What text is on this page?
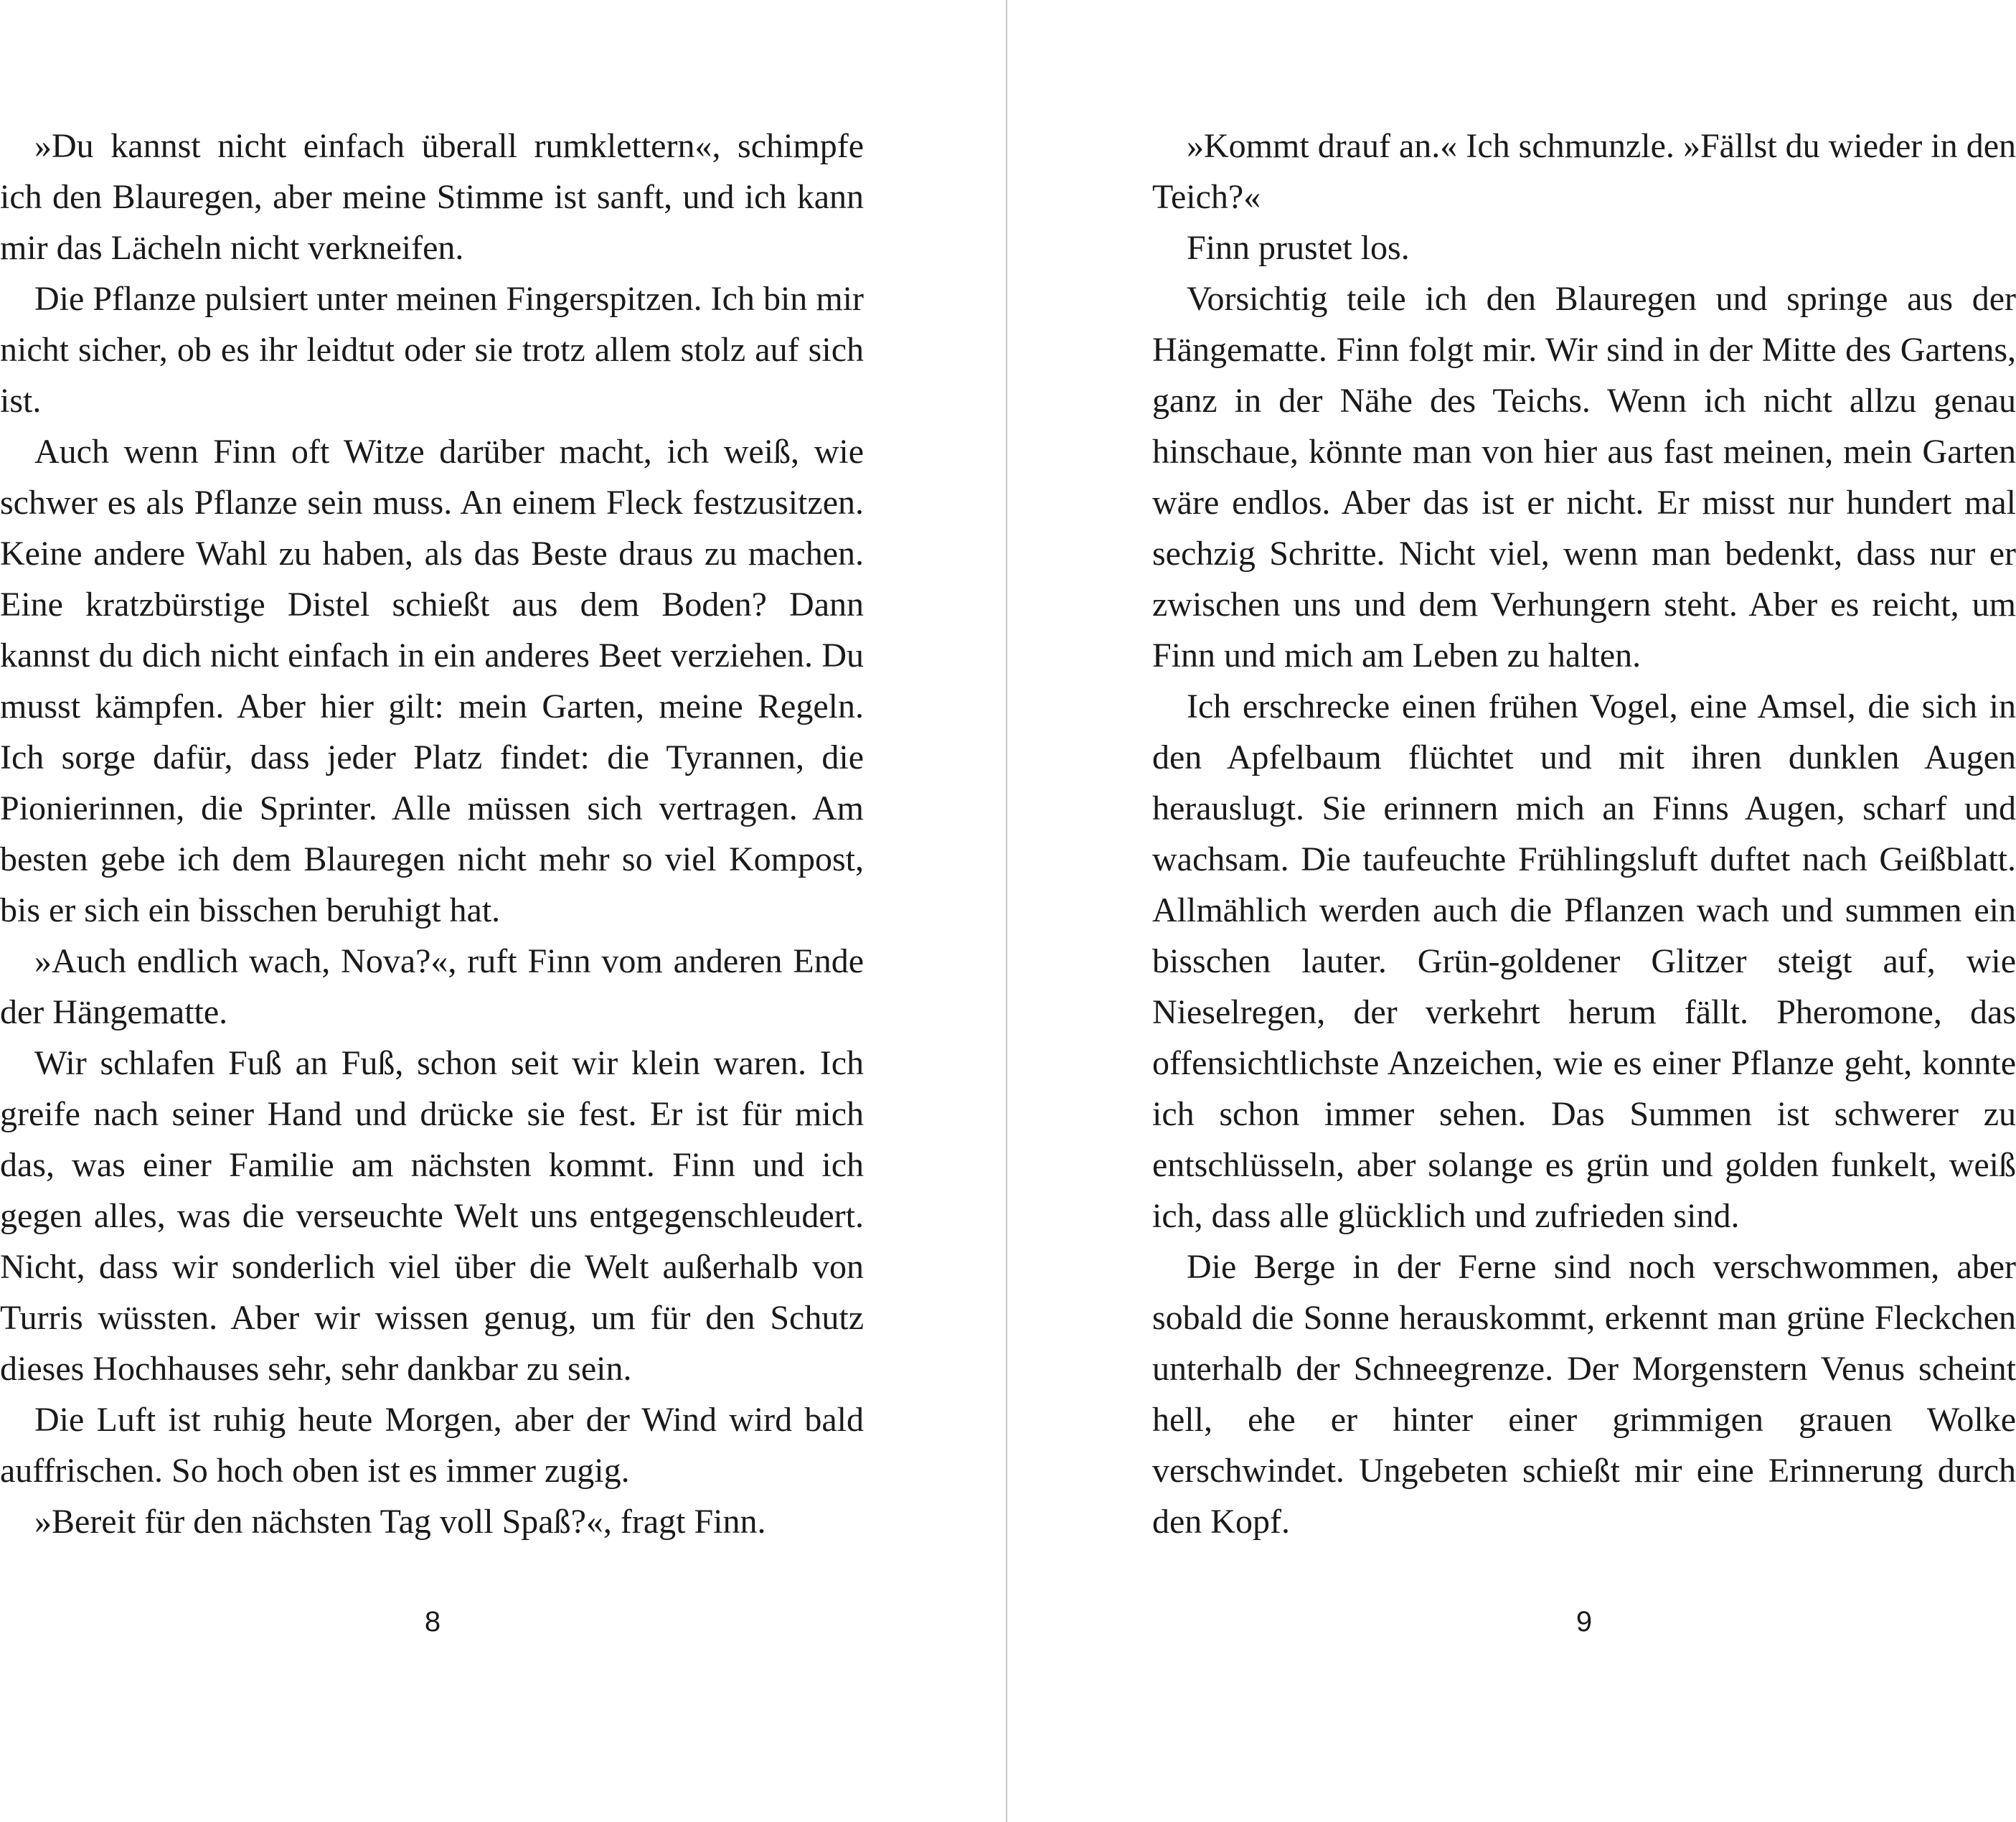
»Du kannst nicht einfach überall rumklettern«, schimpfe ich den Blauregen, aber meine Stimme ist sanft, und ich kann mir das Lächeln nicht verkneifen.

Die Pflanze pulsiert unter meinen Fingerspitzen. Ich bin mir nicht sicher, ob es ihr leidtut oder sie trotz allem stolz auf sich ist.

Auch wenn Finn oft Witze darüber macht, ich weiß, wie schwer es als Pflanze sein muss. An einem Fleck festzusitzen. Keine andere Wahl zu haben, als das Beste draus zu machen. Eine kratzbürstige Distel schießt aus dem Boden? Dann kannst du dich nicht einfach in ein anderes Beet verziehen. Du musst kämpfen. Aber hier gilt: mein Garten, meine Regeln. Ich sorge dafür, dass jeder Platz findet: die Tyrannen, die Pionierinnen, die Sprinter. Alle müssen sich vertragen. Am besten gebe ich dem Blauregen nicht mehr so viel Kompost, bis er sich ein bisschen beruhigt hat.

»Auch endlich wach, Nova?«, ruft Finn vom anderen Ende der Hängematte.

Wir schlafen Fuß an Fuß, schon seit wir klein waren. Ich greife nach seiner Hand und drücke sie fest. Er ist für mich das, was einer Familie am nächsten kommt. Finn und ich gegen alles, was die verseuchte Welt uns entgegenschleudert. Nicht, dass wir sonderlich viel über die Welt außerhalb von Turris wüssten. Aber wir wissen genug, um für den Schutz dieses Hochhauses sehr, sehr dankbar zu sein.

Die Luft ist ruhig heute Morgen, aber der Wind wird bald auffrischen. So hoch oben ist es immer zugig.

»Bereit für den nächsten Tag voll Spaß?«, fragt Finn.

8

»Kommt drauf an.« Ich schmunzle. »Fällst du wieder in den Teich?«

Finn prustet los.

Vorsichtig teile ich den Blauregen und springe aus der Hängematte. Finn folgt mir. Wir sind in der Mitte des Gartens, ganz in der Nähe des Teichs. Wenn ich nicht allzu genau hinschaue, könnte man von hier aus fast meinen, mein Garten wäre endlos. Aber das ist er nicht. Er misst nur hundert mal sechzig Schritte. Nicht viel, wenn man bedenkt, dass nur er zwischen uns und dem Verhungern steht. Aber es reicht, um Finn und mich am Leben zu halten.

Ich erschrecke einen frühen Vogel, eine Amsel, die sich in den Apfelbaum flüchtet und mit ihren dunklen Augen herauslugt. Sie erinnern mich an Finns Augen, scharf und wachsam. Die taufeuchte Frühlingsluft duftet nach Geißblatt. Allmählich werden auch die Pflanzen wach und summen ein bisschen lauter. Grün-goldener Glitzer steigt auf, wie Nieselregen, der verkehrt herum fällt. Pheromone, das offensichtlichste Anzeichen, wie es einer Pflanze geht, konnte ich schon immer sehen. Das Summen ist schwerer zu entschlüsseln, aber solange es grün und golden funkelt, weiß ich, dass alle glücklich und zufrieden sind.

Die Berge in der Ferne sind noch verschwommen, aber sobald die Sonne herauskommt, erkennt man grüne Fleckchen unterhalb der Schneegrenze. Der Morgenstern Venus scheint hell, ehe er hinter einer grimmigen grauen Wolke verschwindet. Ungebeten schießt mir eine Erinnerung durch den Kopf.

9
